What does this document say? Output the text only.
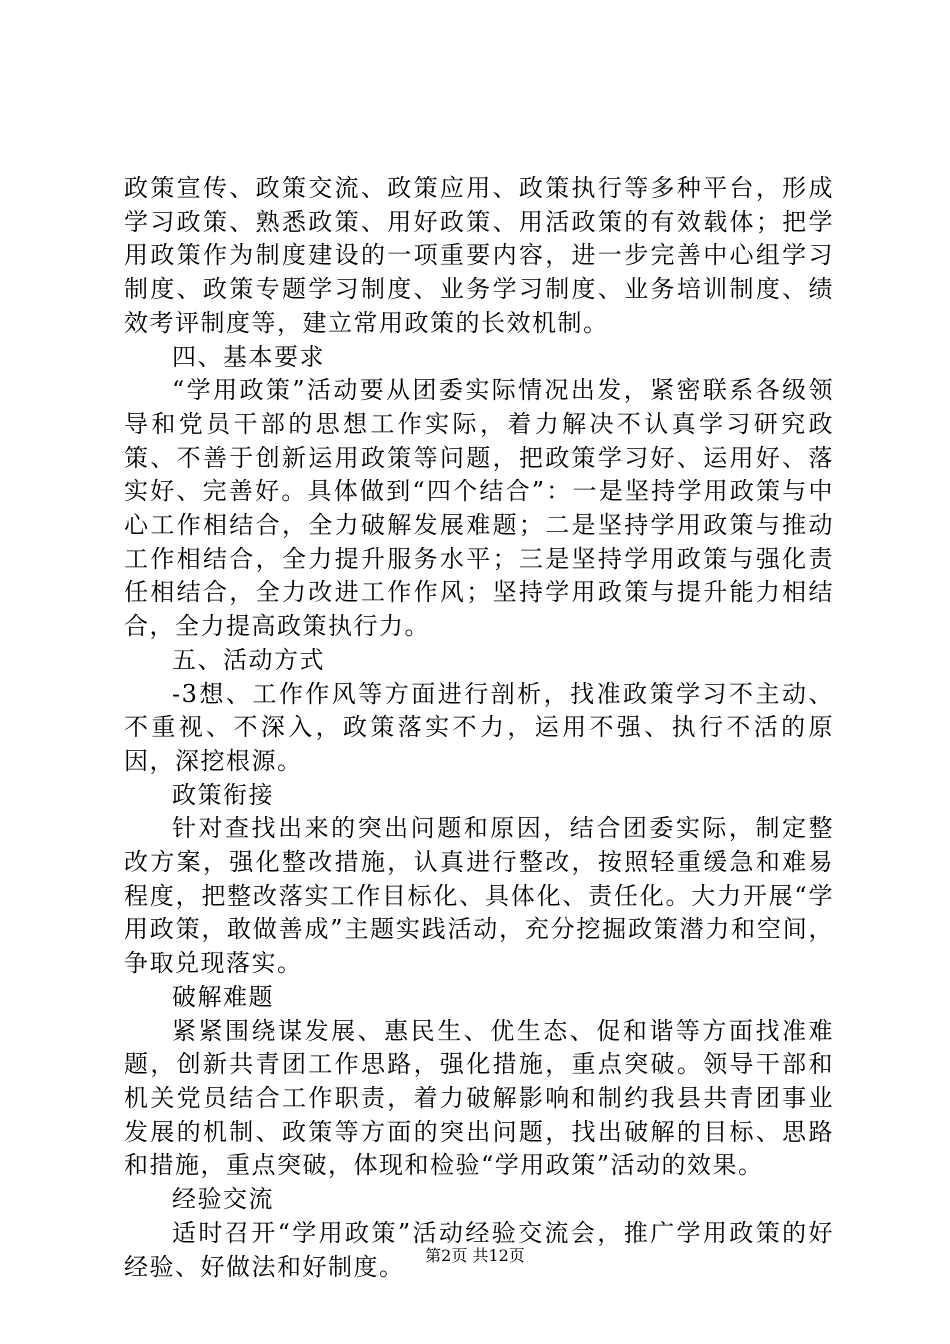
政策宣传、政策交流、政策应用、政策执行等多种平台，形成学习政策、熟悉政策、用好政策、用活政策的有效载体；把学用政策作为制度建设的一项重要内容，进一步完善中心组学习制度、政策专题学习制度、业务学习制度、业务培训制度、绩效考评制度等，建立常用政策的长效机制。

四、基本要求

“学用政策”活动要从团委实际情况出发，紧密联系各级领导和党员干部的思想工作实际，着力解决不认真学习研究政策、不善于创新运用政策等问题，把政策学习好、运用好、落实好、完善好。具体做到“四个结合”：一是坚持学用政策与中心工作相结合，全力破解发展难题；二是坚持学用政策与推动工作相结合，全力提升服务水平；三是坚持学用政策与强化责任相结合，全力改进工作作风；坚持学用政策与提升能力相结合，全力提高政策执行力。

五、活动方式

-3想、工作作风等方面进行剖析，找准政策学习不主动、不重视、不深入，政策落实不力，运用不强、执行不活的原因，深挖根源。

政策衔接

针对查找出来的突出问题和原因，结合团委实际，制定整改方案，强化整改措施，认真进行整改，按照轻重缓急和难易程度，把整改落实工作目标化、具体化、责任化。大力开展“学用政策，敢做善成”主题实践活动，充分挖掘政策潜力和空间，争取兑现落实。

破解难题

紧紧围绕谋发展、惠民生、优生态、促和谐等方面找准难题，创新共青团工作思路，强化措施，重点突破。领导干部和机关党员结合工作职责，着力破解影响和制约我县共青团事业发展的机制、政策等方面的突出问题，找出破解的目标、思路和措施，重点突破，体现和检验“学用政策”活动的效果。

经验交流

适时召开“学用政策”活动经验交流会，推广学用政策的好经验、好做法和好制度。	第2页 共12页
